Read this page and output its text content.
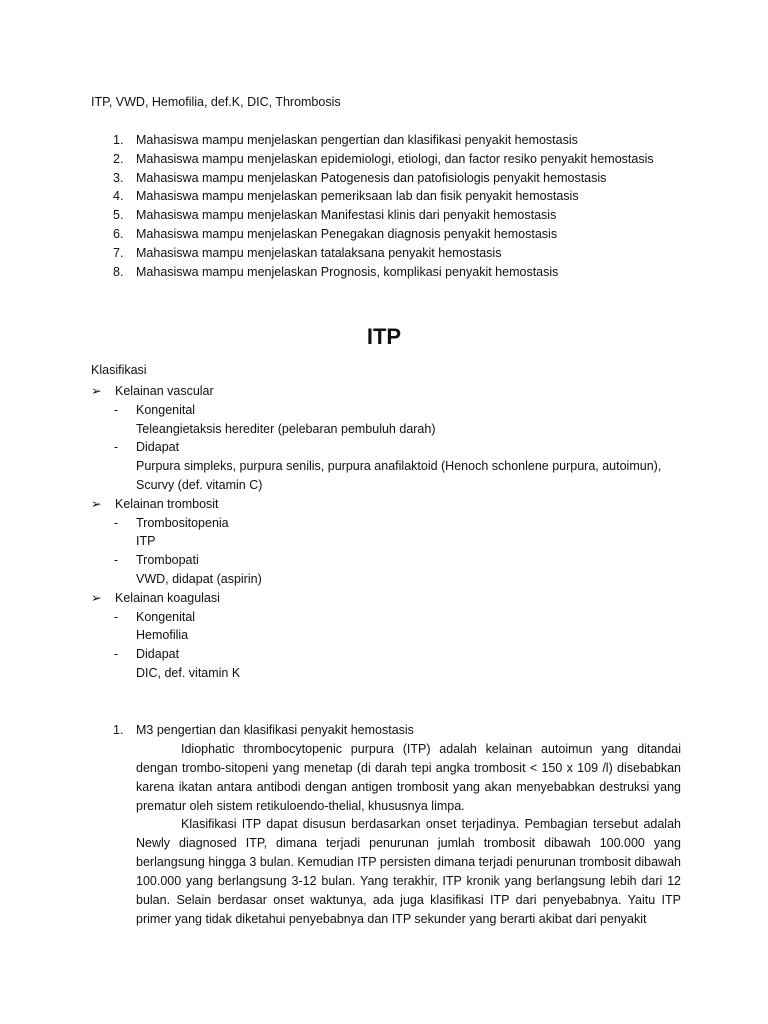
ITP, VWD, Hemofilia, def.K, DIC, Thrombosis
1. Mahasiswa mampu menjelaskan pengertian dan klasifikasi penyakit hemostasis
2. Mahasiswa mampu menjelaskan epidemiologi, etiologi, dan factor resiko penyakit hemostasis
3. Mahasiswa mampu menjelaskan Patogenesis dan patofisiologis penyakit hemostasis
4. Mahasiswa mampu menjelaskan pemeriksaan lab dan fisik penyakit hemostasis
5. Mahasiswa mampu menjelaskan Manifestasi klinis dari penyakit hemostasis
6. Mahasiswa mampu menjelaskan Penegakan diagnosis penyakit hemostasis
7. Mahasiswa mampu menjelaskan tatalaksana penyakit hemostasis
8. Mahasiswa mampu menjelaskan Prognosis, komplikasi penyakit hemostasis
ITP
Klasifikasi
➢ Kelainan vascular
- Kongenital
Teleangietaksis herediter (pelebaran pembuluh darah)
- Didapat
Purpura simpleks, purpura senilis, purpura anafilaktoid (Henoch schonlene purpura, autoimun),
Scurvy (def. vitamin C)
➢ Kelainan trombosit
- Trombositopenia
ITP
- Trombopati
VWD, didapat (aspirin)
➢ Kelainan koagulasi
- Kongenital
Hemofilia
- Didapat
DIC, def. vitamin K
1. M3 pengertian dan klasifikasi penyakit hemostasis

Idiophatic thrombocytopenic purpura (ITP) adalah kelainan autoimun yang ditandai dengan trombo-sitopeni yang menetap (di darah tepi angka trombosit < 150 x 109 /l) disebabkan karena ikatan antara antibodi dengan antigen trombosit yang akan menyebabkan destruksi yang prematur oleh sistem retikuloendo-thelial, khususnya limpa.

Klasifikasi ITP dapat disusun berdasarkan onset terjadinya. Pembagian tersebut adalah Newly diagnosed ITP, dimana terjadi penurunan jumlah trombosit dibawah 100.000 yang berlangsung hingga 3 bulan. Kemudian ITP persisten dimana terjadi penurunan trombosit dibawah 100.000 yang berlangsung 3-12 bulan. Yang terakhir, ITP kronik yang berlangsung lebih dari 12 bulan. Selain berdasar onset waktunya, ada juga klasifikasi ITP dari penyebabnya. Yaitu ITP primer yang tidak diketahui penyebabnya dan ITP sekunder yang berarti akibat dari penyakit
